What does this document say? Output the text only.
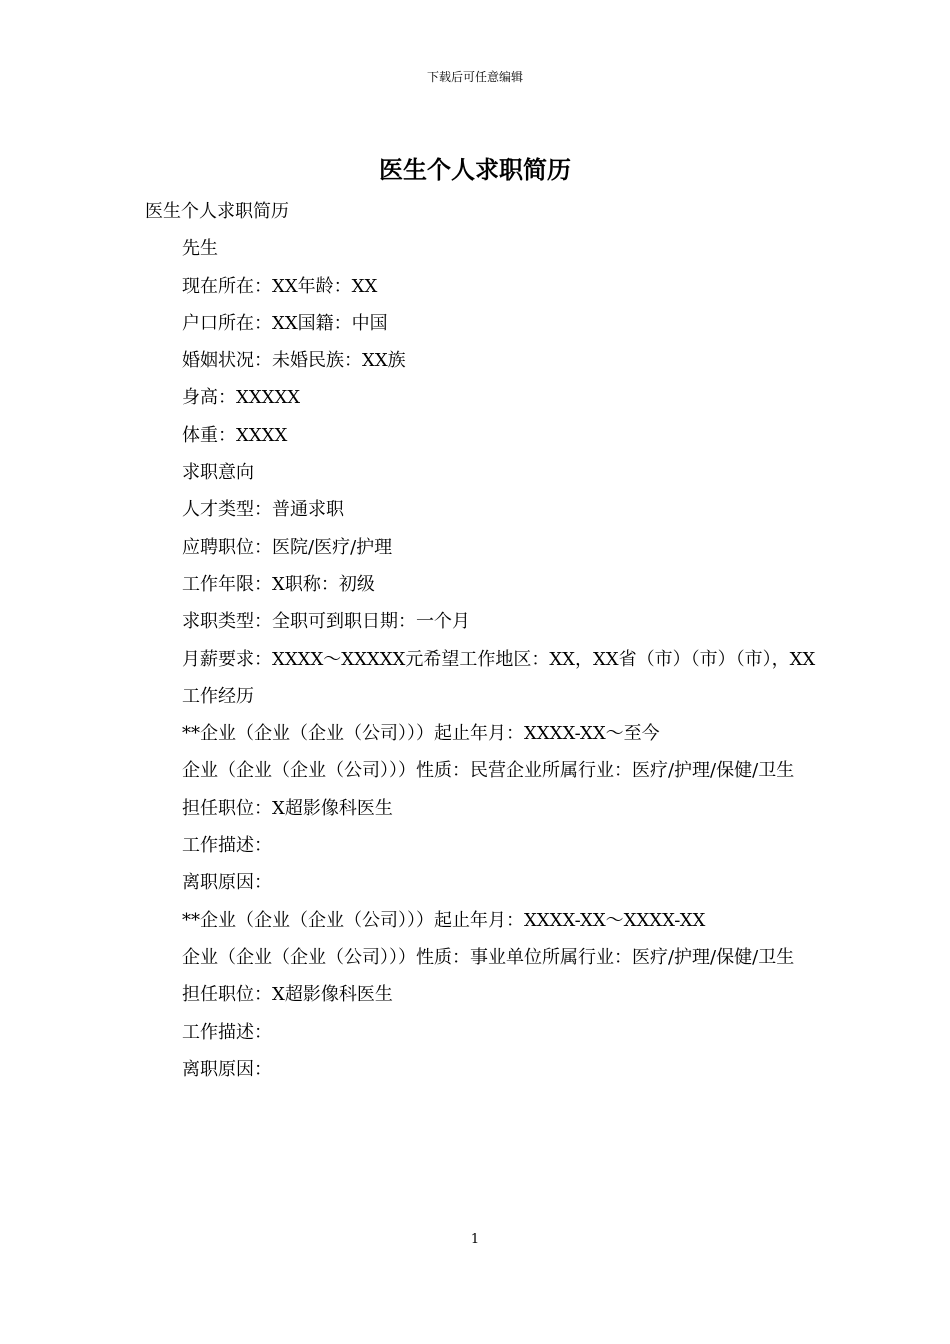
下载后可任意编辑
医生个人求职简历

医生个人求职简历

先生

现在所在：XX年龄：XX

户口所在：XX国籍：中国

婚姻状况：未婚民族：XX族

身高：XXXXX

体重：XXXX

求职意向

人才类型：普通求职

应聘职位：医院/医疗/护理

工作年限：X职称：初级

求职类型：全职可到职日期：一个月

月薪要求：XXXX～XXXXX元希望工作地区：XX，XX省（市）（市）（市），XX

工作经历

**企业（企业（企业（公司）））起止年月：XXXX-XX～至今

企业（企业（企业（公司）））性质：民营企业所属行业：医疗/护理/保健/卫生

担任职位：X超影像科医生

工作描述：

离职原因：

**企业（企业（企业（公司）））起止年月：XXXX-XX～XXXX-XX

企业（企业（企业（公司）））性质：事业单位所属行业：医疗/护理/保健/卫生

担任职位：X超影像科医生

工作描述：

离职原因：

1
